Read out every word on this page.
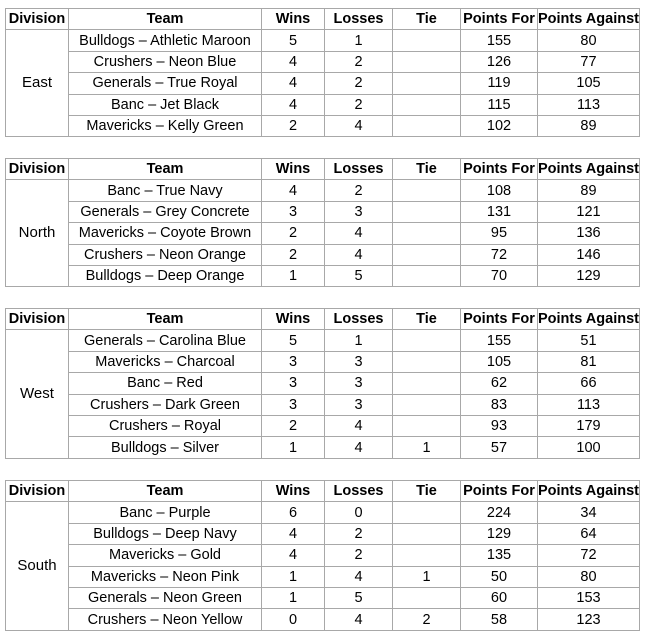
Division	Team	Wins	Losses	Tie	Points For	Points Against
East	Bulldogs – Athletic Maroon	5	1		155	80
	Crushers – Neon Blue	4	2		126	77
	Generals – True Royal	4	2		119	105
	Banc – Jet Black	4	2		115	113
	Mavericks – Kelly Green	2	4		102	89
Division	Team	Wins	Losses	Tie	Points For	Points Against
North	Banc – True Navy	4	2		108	89
	Generals – Grey Concrete	3	3		131	121
	Mavericks – Coyote Brown	2	4		95	136
	Crushers – Neon Orange	2	4		72	146
	Bulldogs – Deep Orange	1	5		70	129
Division	Team	Wins	Losses	Tie	Points For	Points Against
West	Generals – Carolina Blue	5	1		155	51
	Mavericks – Charcoal	3	3		105	81
	Banc – Red	3	3		62	66
	Crushers – Dark Green	3	3		83	113
	Crushers – Royal	2	4		93	179
	Bulldogs – Silver	1	4	1	57	100
Division	Team	Wins	Losses	Tie	Points For	Points Against
South	Banc – Purple	6	0		224	34
	Bulldogs – Deep Navy	4	2		129	64
	Mavericks – Gold	4	2		135	72
	Mavericks – Neon Pink	1	4	1	50	80
	Generals – Neon Green	1	5		60	153
	Crushers – Neon Yellow	0	4	2	58	123
